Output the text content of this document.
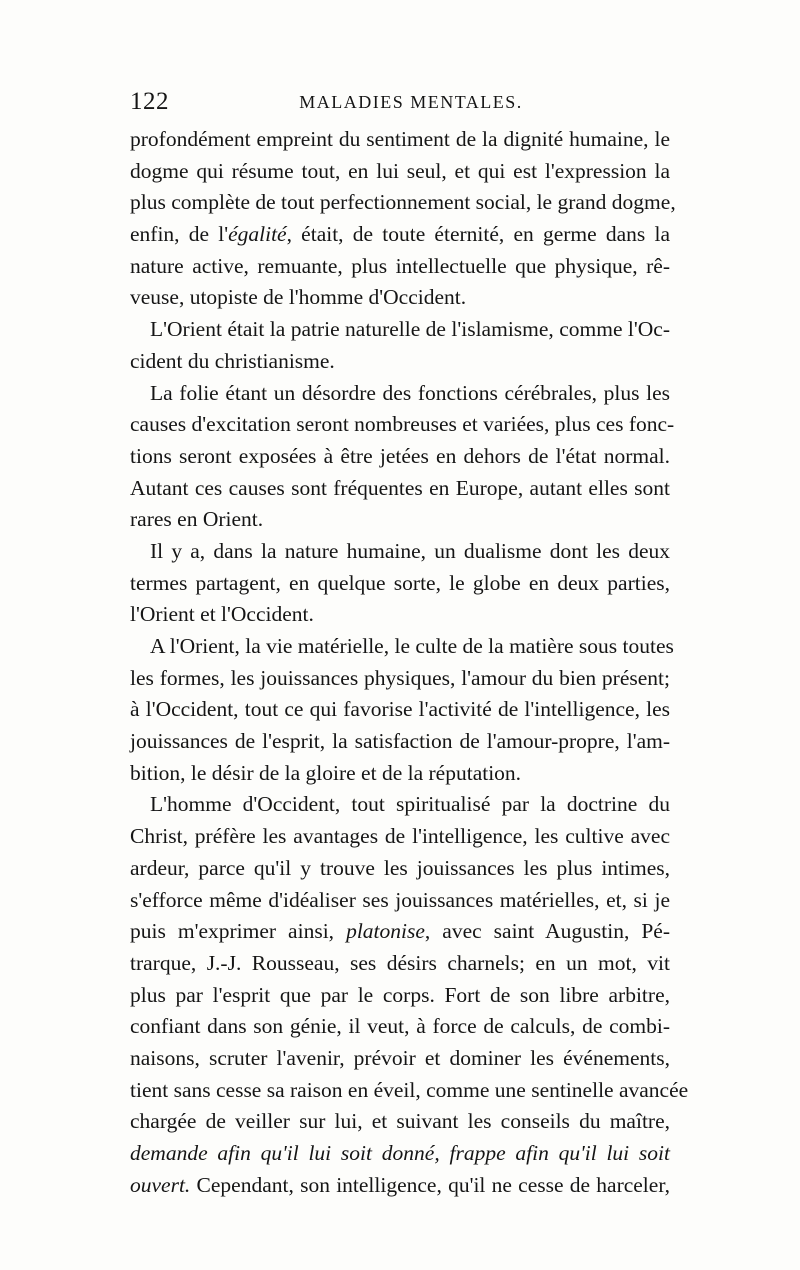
122	MALADIES MENTALES.
profondément empreint du sentiment de la dignité humaine, le
dogme qui résume tout, en lui seul, et qui est l'expression la
plus complète de tout perfectionnement social, le grand dogme,
enfin, de l'égalité, était, de toute éternité, en germe dans la
nature active, remuante, plus intellectuelle que physique, rê-
veuse, utopiste de l'homme d'Occident.
L'Orient était la patrie naturelle de l'islamisme, comme l'Oc-
cident du christianisme.
La folie étant un désordre des fonctions cérébrales, plus les
causes d'excitation seront nombreuses et variées, plus ces fonc-
tions seront exposées à être jetées en dehors de l'état normal.
Autant ces causes sont fréquentes en Europe, autant elles sont
rares en Orient.
Il y a, dans la nature humaine, un dualisme dont les deux
termes partagent, en quelque sorte, le globe en deux parties,
l'Orient et l'Occident.
A l'Orient, la vie matérielle, le culte de la matière sous toutes
les formes, les jouissances physiques, l'amour du bien présent;
à l'Occident, tout ce qui favorise l'activité de l'intelligence, les
jouissances de l'esprit, la satisfaction de l'amour-propre, l'am-
bition, le désir de la gloire et de la réputation.
L'homme d'Occident, tout spiritualisé par la doctrine du
Christ, préfère les avantages de l'intelligence, les cultive avec
ardeur, parce qu'il y trouve les jouissances les plus intimes,
s'efforce même d'idéaliser ses jouissances matérielles, et, si je
puis m'exprimer ainsi, platonise, avec saint Augustin, Pé-
trarque, J.-J. Rousseau, ses désirs charnels; en un mot, vit
plus par l'esprit que par le corps. Fort de son libre arbitre,
confiant dans son génie, il veut, à force de calculs, de combi-
naisons, scruter l'avenir, prévoir et dominer les événements,
tient sans cesse sa raison en éveil, comme une sentinelle avancée
chargée de veiller sur lui, et suivant les conseils du maître,
demande afin qu'il lui soit donné, frappe afin qu'il lui soit
ouvert. Cependant, son intelligence, qu'il ne cesse de harceler,
